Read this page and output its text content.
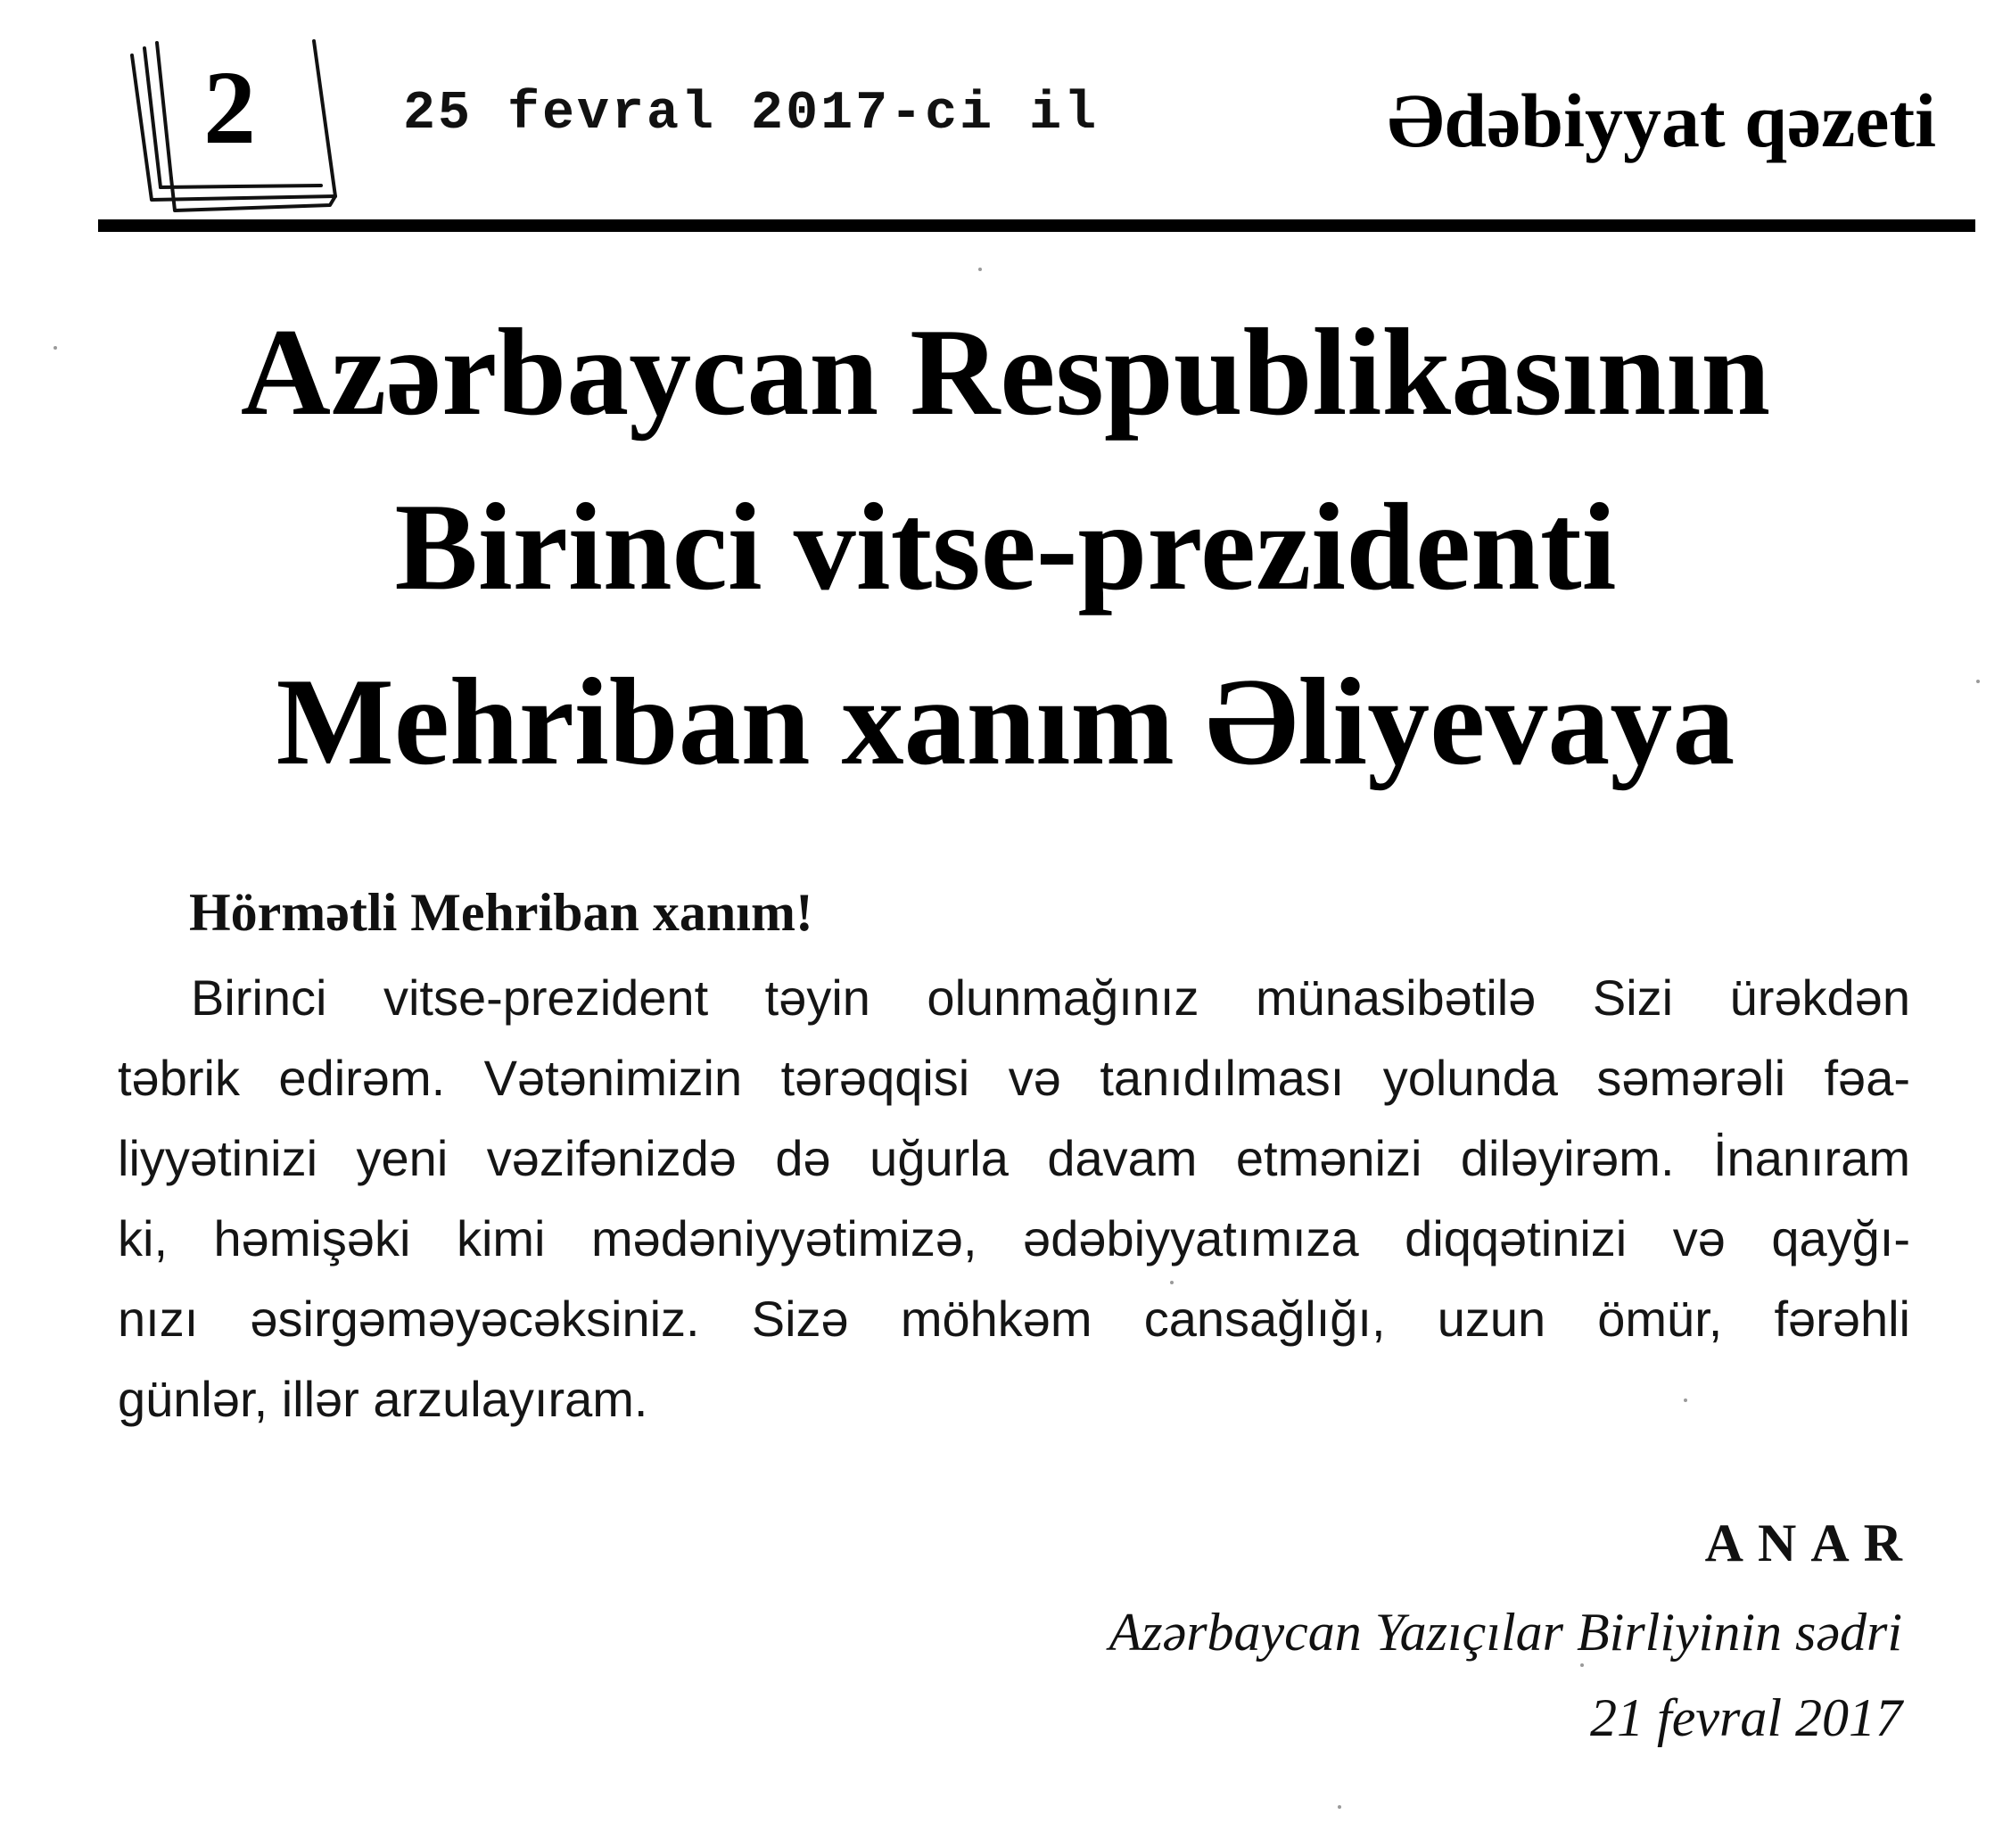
2	25 fevral 2017-ci il	Ədəbiyyat qəzeti
Azərbaycan Respublikasının
Birinci vitse-prezidenti
Mehriban xanım Əliyevaya
Hörmətli Mehriban xanım!
Birinci vitse-prezident təyin olunmağınız münasibətilə Sizi ürəkdən
təbrik edirəm. Vətənimizin tərəqqisi və tanıdılması yolunda səmərəli fəa-
liyyətinizi yeni vəzifənizdə də uğurla davam etmənizi diləyirəm. İnanıram
ki, həmişəki kimi mədəniyyətimizə, ədəbiyyatımıza diqqətinizi və qayğı-
nızı əsirgəməyəcəksiniz. Sizə möhkəm cansağlığı, uzun ömür, fərəhli
günlər, illər arzulayıram.
ANAR
Azərbaycan Yazıçılar Birliyinin sədri
21 fevral 2017
